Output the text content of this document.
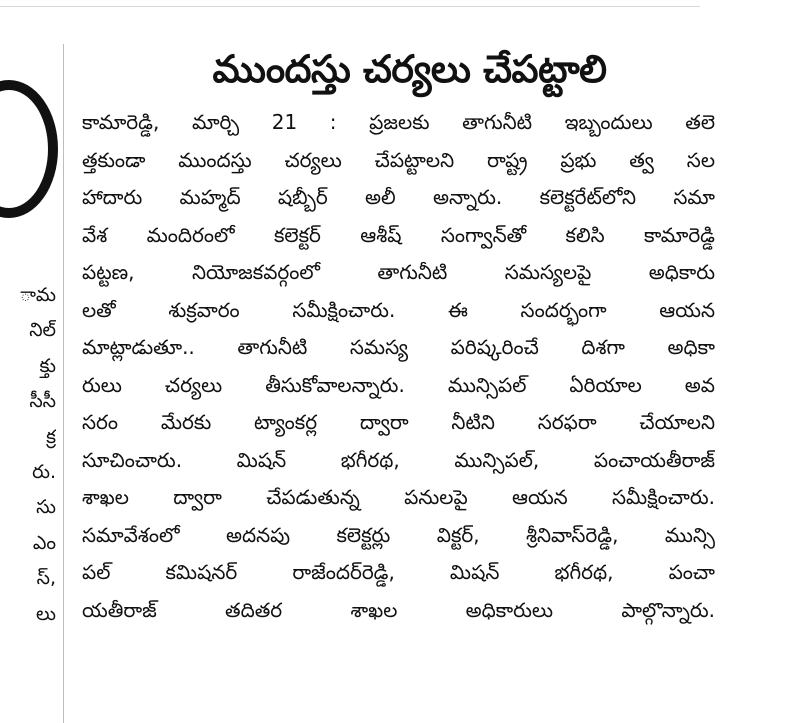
ామ
నిల్
క్తు
సీసీ
క్ర
రు.
సు
ఎం
స్,
లు
ముందస్తు చర్యలు చేపట్టాలి
కామారెడ్డి, మార్చి 21 : ప్రజలకు తాగునీటి ఇబ్బందులు తలె
త్తకుండా ముందస్తు చర్యలు చేపట్టాలని రాష్ట్ర ప్రభు త్వ సల
హాదారు మహ్మద్ షబ్బీర్ అలీ అన్నారు. కలెక్టరేట్‌లోని సమా
వేశ మందిరంలో కలెక్టర్ ఆశీష్ సంగ్వాన్‌తో కలిసి కామారెడ్డి
పట్టణ, నియోజకవర్గంలో తాగునీటి సమస్యలపై అధికారు
లతో శుక్రవారం సమీక్షించారు. ఈ సందర్భంగా ఆయన
మాట్లాడుతూ.. తాగునీటి సమస్య పరిష్కరించే దిశగా అధికా
రులు చర్యలు తీసుకోవాలన్నారు. మున్సిపల్ ఏరియాల అవ
సరం మేరకు ట్యాంకర్ల ద్వారా నీటిని సరఫరా చేయాలని
సూచించారు. మిషన్ భగీరథ, మున్సిపల్, పంచాయతీరాజ్
శాఖల ద్వారా చేపడుతున్న పనులపై ఆయన సమీక్షించారు.
సమావేశంలో అదనపు కలెక్టర్లు విక్టర్, శ్రీనివాస్‌రెడ్డి, మున్సి
పల్ కమిషనర్ రాజేందర్‌రెడ్డి, మిషన్ భగీరథ, పంచా
యతీరాజ్ తదితర శాఖల అధికారులు పాల్గొన్నారు.
